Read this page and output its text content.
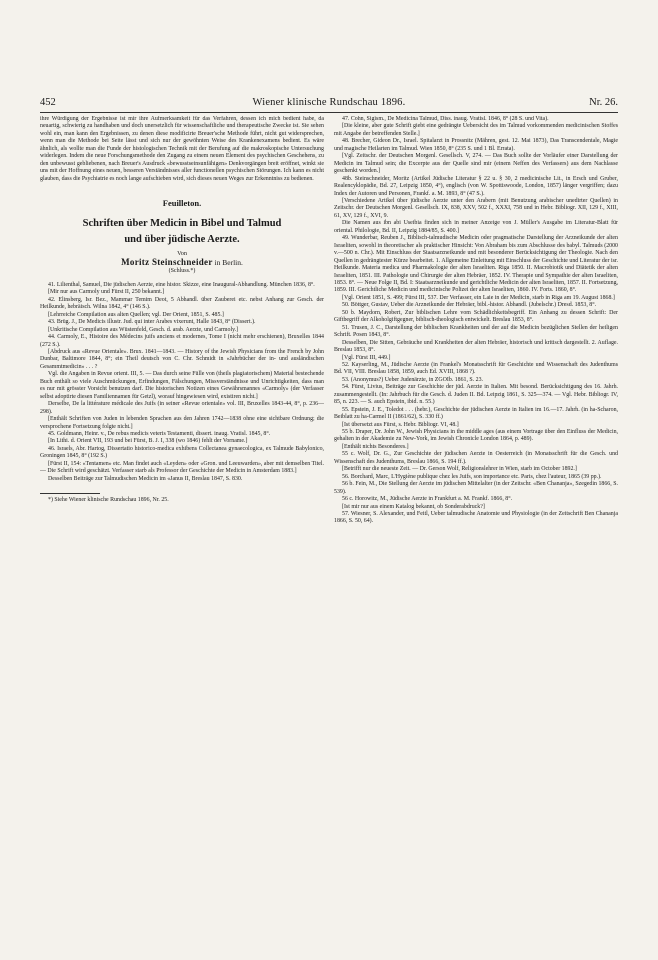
452	Wiener klinische Rundschau 1896.	Nr. 26.

ihre Würdigung der Ergebnisse ist mir ihre Aufmerksamkeit für das Verfahren, dessen ich mich bedient habe, da neuartig, schwierig zu handhaben und doch unersetzlich für wissenschaftliche und therapeutische Zwecke ist. Sie sehen wohl ein, man kann den Ergebnissen, zu denen diese modificirte Breuer'sche Methode führt, nicht gut widersprechen, wenn man die Methode bei Seite lässt und sich nur der gewöhnten Weise des Krankenexamens bedient. Es wäre ähnlich, als wollte man die Funde der histologischen Technik mit der Berufung auf die makroskopische Untersuchung widerlegen. Indem die neue Forschungsmethode den Zugang zu einem neuen Element des psychischen Geschehens, zu den unbewusst gebliebenen, nach Breuer's Ausdruck «bewusstseinsunfähigen» Denkvorgängen breit eröffnet, winkt sie uns mit der Hoffnung eines neuen, besseren Verständnisses aller functionellen psychischen Störungen. Ich kann es nicht glauben, dass die Psychiatrie es noch lange aufschieben wird, sich dieses neuen Weges zur Erkenntniss zu bedienen.

Feuilleton.
Schriften über Medicin in Bibel und Talmud
und über jüdische Aerzte.
Von
Moritz Steinschneider in Berlin.
(Schluss.*)

41. Lilienthal, Samuel, Die jüdischen Aerzte, eine histor. Skizze, eine Inaugural-Abhandlung. München 1836, 8°.

[Mir nur aus Carmoly und Fürst II, 250 bekannt.]

42. Elinsberg, Isr. Bez., Mammar Temim Deot, 5 Abhandl. über Zauberei etc. nebst Anhang zur Gesch. der Heilkunde, hebräisch. Wilna 1842, 4° (146 S.).

[Lehrreiche Compilation aus alten Quellen; vgl. Der Orient, 1851, S. 485.]

43. Brüg. J., De Medicis illustr. Jud. qui inter Arabes vixerunt, Halle 1843, 8° (Dissert.).

[Unkritische Compilation aus Wüstenfeld, Gesch. d. arab. Aerzte, und Carmoly.]

44. Carmoly, E., Histoire des Médecins juifs anciens et modernes, Tome I (nicht mehr erschienen), Bruxelles 1844 (272 S.).

[Abdruck aus «Revue Orientale». Brux. 1841—1843. — History of the Jewish Physicians from the French by John Dunbar, Baltimore 1844, 8°; ein Theil deutsch von C. Chr. Schmidt in «Jahrbücher der in- und ausländischen Gesammtmedicin» . . . ?

Vgl. die Angaben in Revue orient. III, 5. — Das durch seine Fülle von (theils plagiatorischem) Material bestechende Buch enthält so viele Auschmückungen, Erfindungen, Fälschungen, Missverständnisse und Unrichtigkeiten, dass man es nur mit grösster Vorsicht benutzen darf. Die historischen Notizen eines Gewährsmannes «Carmoly» (der Verfasser selbst adoptirte diesen Familiennamen für Getzl), worauf hingewiesen wird, existiren nicht.]

Derselbe, De la littérature médicale des Juifs (in seiner «Revue orientale» vol. III, Bruxelles 1843-44, 8°, p. 236—298).

[Enthält Schriften von Juden in lebenden Sprachen aus den Jahren 1742—1838 ohne eine sichtbare Ordnung; die versprochene Fortsetzung folgte nicht.]

45. Goldmann, Heinr. v., De rebus medicis veteris Testamenti, dissert. inaug. Vratisl. 1845, 8°.

[In Lithi. d. Orient VII, 193 und bei Fürst, B. J. I, 338 (wo 1846) fehlt der Vorname.]

46. Israels, Abr. Hartog, Dissertatio historico-medica exhibens Collectanea gynaecologica, ex Talmude Babylonico, Groningen 1845, 8° (192 S.)

[Fürst II, 154: «Tentamen» etc. Man findet auch «Leyden» oder «Gron. und Leeuwarden», aber mit demselben Titel. — Die Schrift wird geschätzt. Verfasser starb als Professor der Geschichte der Medicin in Amsterdam 1883.]

Desselben Beiträge zur Talmudischen Medicin im «Janus II, Breslau 1847, S. 830.

*) Siehe Wiener klinische Rundschau 1896, Nr. 25.

47. Cohn, Sigism., De Medicina Talmud, Diss. inaug. Vratisl. 1846, 8° (28 S. und Vita).

[Die kleine, aber gute Schrift giebt eine gedrängte Uebersicht des im Talmud vorkommenden medicinischen Stoffes mit Angabe der betreffenden Stelle.]

48. Brecher, Gideon Dr., Israel. Spitalarzt in Prossnitz (Mähren, gest. 12. Mai 1873), Das Transcendentale, Magie und magische Heilarten im Talmud. Wien 1850, 8° (235 S. und 1 Bl. Errata).

[Vgl. Zeitschr. der Deutschen Morgenl. Gesellsch. V, 274. — Das Buch sollte der Vorläufer einer Darstellung der Medicin im Talmud sein; die Excerpte aus der Quelle sind mir (einem Neffen des Verfassers) aus dem Nachlasse geschenkt worden.]

48b. Steinschneider, Moritz (Artikel Jüdische Literatur § 22 u. § 30, 2 medicinische Lit., in Ersch und Gruber, Realencyklopädie, Bd. 27, Leipzig 1850, 4°), englisch (von W. Spottiswoode, London, 1857) länger vergriffen; dazu Index der Autoren und Personen, Frankf. a. M. 1893, 8° (47 S.).

[Verschiedene Artikel über jüdische Aerzte unter den Arabern (mit Benutzung arabischer unedirter Quellen) in Zeitschr. der Deutschen Morgenl. Gesellsch. IX, 838, XXV, 502 f., XXXI, 758 und in Hebr. Bibliogr. XII, 129 f., XIII, 61, XV, 129 f., XVI, 9.

Die Namen aus ibn abi Useibia finden sich in meiner Anzeige von J. Müller's Ausgabe im Literatur-Blatt für oriental. Philologie, Bd. II, Leipzig 1884/85, S. 400.]

49. Wunderbar, Reuben J., Biblisch-talmudische Medicin oder pragmatische Darstellung der Arzneikunde der alten Israeliten, sowohl in theoretischer als praktischer Hinsicht: Von Abraham bis zum Abschlusse des babyl. Talmuds (2000 v.—500 n. Chr.). Mit Einschluss der Staatsarzneikunde und mit besonderer Berücksichtigung der Theologie. Nach den Quellen in gedrängtester Kürze bearbeitet. 1. Allgemeine Einleitung mit Einschluss der Geschichte und Literatur der isr. Heilkunde. Materia medica und Pharmakologie der alten Israeliten. Riga 1850. II. Macrobiotik und Diätetik der alten Israeliten, 1851. III. Pathologie und Chirurgie der alten Hebräer, 1852. IV. Therapie und Sympathie der alten Israeliten, 1853. 8°. — Neue Folge II, Bd. I: Staatsarzneikunde und gerichtliche Medicin der alten Israeliten, 1857. II. Fortsetzung, 1859. III. Gerichtliche Medicin und medicinische Polizei der alten Israeliten, 1860. IV. Forts. 1860, 8°.

[Vgl. Orient 1851, S. 499; Fürst III, 537. Der Verfasser, ein Laie in der Medicin, starb in Riga am 19. August 1868.]

50. Böttger, Gustav, Ueber die Arzneikunde der Hebräer, bibl.-histor. Abhandl. (Jubelschr.) Dresd. 1853, 8°.

50 b. Maydorn, Robert, Zur biblischen Lehre vom Schädlichkeitsbegriff. Ein Anhang zu dessen Schrift: Der Giftbegriff der Alkoholgiftgegner, biblisch-theologisch entwickelt. Breslau 1853, 8°.

51. Trusen, J. C., Darstellung der biblischen Krankheiten und der auf die Medicin bezüglichen Stellen der heiligen Schrift. Posen 1843, 8°.

Desselben, Die Sitten, Gebräuche und Krankheiten der alten Hebräer, historisch und kritisch dargestellt. 2. Auflage. Breslau 1853, 8°.

[Vgl. Fürst III, 449.]

52. Kayserling, M., Jüdische Aerzte (in Frankel's Monatsschrift für Geschichte und Wissenschaft des Judenthums Bd. VII, VIII. Breslau 1858, 1859, auch Ed. XVIII, 1868 ?).

53. (Anonymus?) Ueber Judenärzte, in ZGOIb. 1861, S. 23.

54. Fürst, Livius, Beiträge zur Geschichte der jüd. Aerzte in Italien. Mit besond. Berücksichtigung des 16. Jahrh. zusammengestellt. (In: Jahrbuch für die Gesch. d. Juden II. Bd. Leipzig 1861, S. 325—374. — Vgl. Hebr. Bibliogr. IV, 85, n. 223. — S. auch Epstein, ibid. n. 55.)

55. Epstein, J. E., Toledot . . . (hebr.), Geschichte der jüdischen Aerzte in Italien im 16.—17. Jahrh. (in ha-Scharon, Beiblatt zu ha-Carmel II (1861/62), S. 330 ff.)

[Ist übersetzt aus Fürst, s. Hebr. Bibliogr. VI, 48.]

55 b. Draper, Dr. John W., Jewish Physicians in the middle ages (aus einem Vortrage über den Einfluss der Medicin, gehalten in der Akademie zu New-York, im Jewish Chronicle London 1864, p. 489).

[Enthält nichts Besonderes.]

55 c. Wolf, Dr. G., Zur Geschichte der jüdischen Aerzte in Oesterreich (in Monatsschrift für die Gesch. und Wissenschaft des Judenthums, Breslau 1866, S. 194 ff.).

[Betrifft nur die neueste Zeit. — Dr. Gerson Wolf, Religionslehrer in Wien, starb im October 1892.]

56. Borchard, Marc, L'Hygiène publique chez les Juifs, son importance etc. Paris, chez l'auteur, 1865 (39 pp.).

56 b. Fein, M., Die Stellung der Aerzte im jüdischen Mittelalter (in der Zeitschr. «Ben Chananja», Szegedin 1866, S. 539).

56 c. Horowitz, M., Jüdische Aerzte in Frankfurt a. M. Frankf. 1866, 8°.

[Ist mir nur aus einem Katalog bekannt, ob Sonderabdruck?]

57. Wiesner, S. Alexander, und Feitl, Ueber talmudische Anatomie und Physiologie (in der Zeitschrift Ben Chananja 1866, S. 50, 64).
